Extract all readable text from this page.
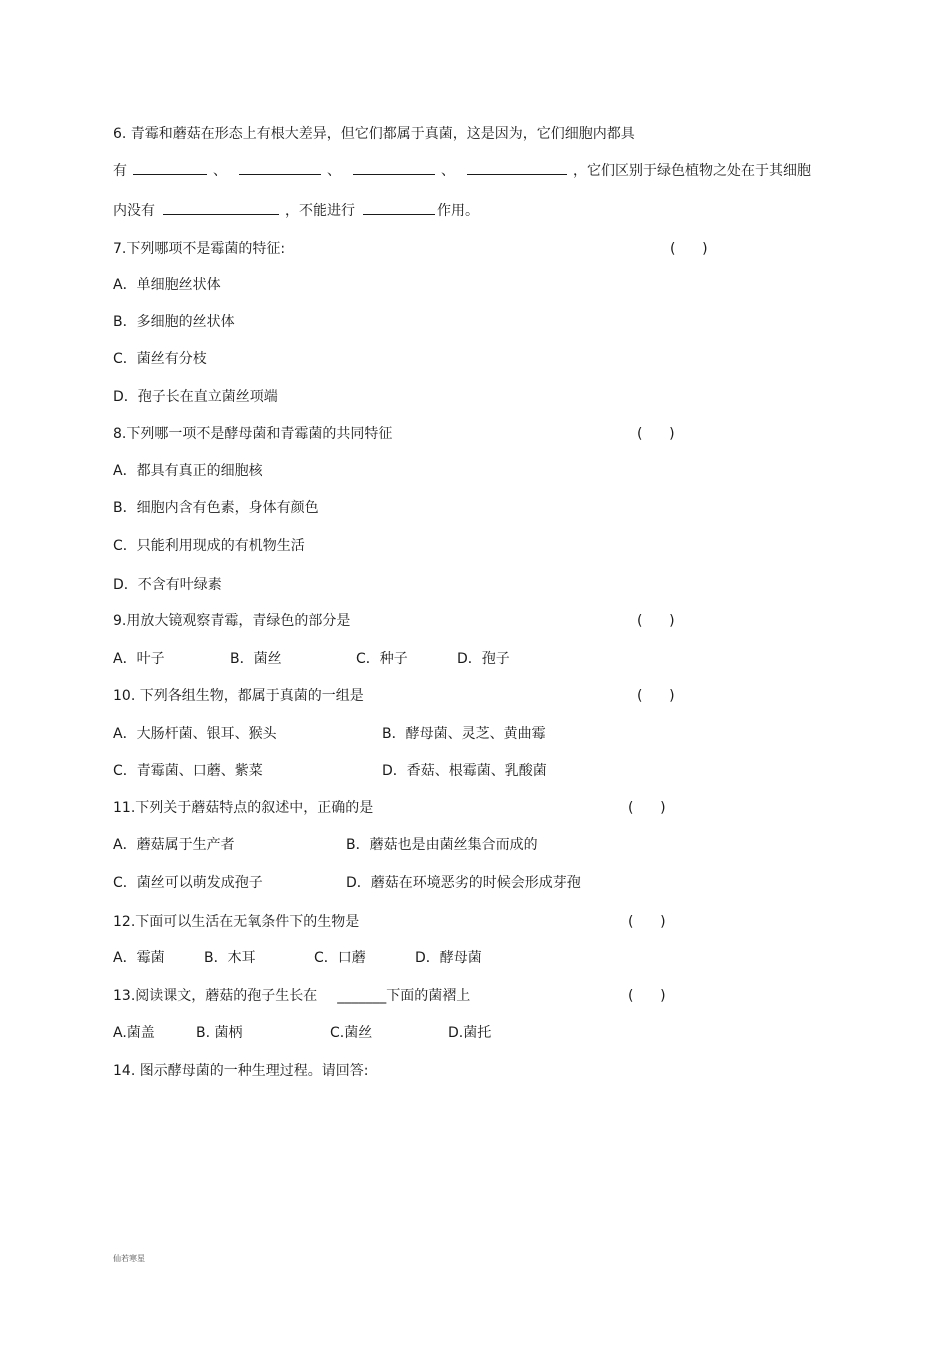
6. 青霉和蘑菇在形态上有根大差异，但它们都属于真菌，这是因为，它们细胞内都具
有	、	、	、	，它们区别于绿色植物之处在于其细胞
内没有	，不能进行	作用。
7.下列哪项不是霉菌的特征:	(      )
A．单细胞丝状体
B．多细胞的丝状体
C．菌丝有分枝
D．孢子长在直立菌丝项端
8.下列哪一项不是酵母菌和青霉菌的共同特征	(      )
A．都具有真正的细胞核
B．细胞内含有色素，身体有颜色
C．只能利用现成的有机物生活
D．不含有叶绿素
9.用放大镜观察青霉，青绿色的部分是	(      )
A．叶子	B．菌丝	C．种子	D．孢子
10. 下列各组生物，都属于真菌的一组是	(      )
A．大肠杆菌、银耳、猴头	B．酵母菌、灵芝、黄曲霉
C．青霉菌、口蘑、紫菜	D．香菇、根霉菌、乳酸菌
11.下列关于蘑菇特点的叙述中，正确的是	(      )
A．蘑菇属于生产者	B．蘑菇也是由菌丝集合而成的
C．菌丝可以萌发成孢子	D．蘑菇在环境恶劣的时候会形成芽孢
12.下面可以生活在无氧条件下的生物是	(      )
A．霉菌	B．木耳	C．口蘑	D．酵母菌
13.阅读课文，蘑菇的孢子生长在 _______下面的菌褶上	(      )
A.菌盖	B. 菌柄	C.菌丝	D.菌托
14. 图示酵母菌的一种生理过程。请回答:
仙若寒星
